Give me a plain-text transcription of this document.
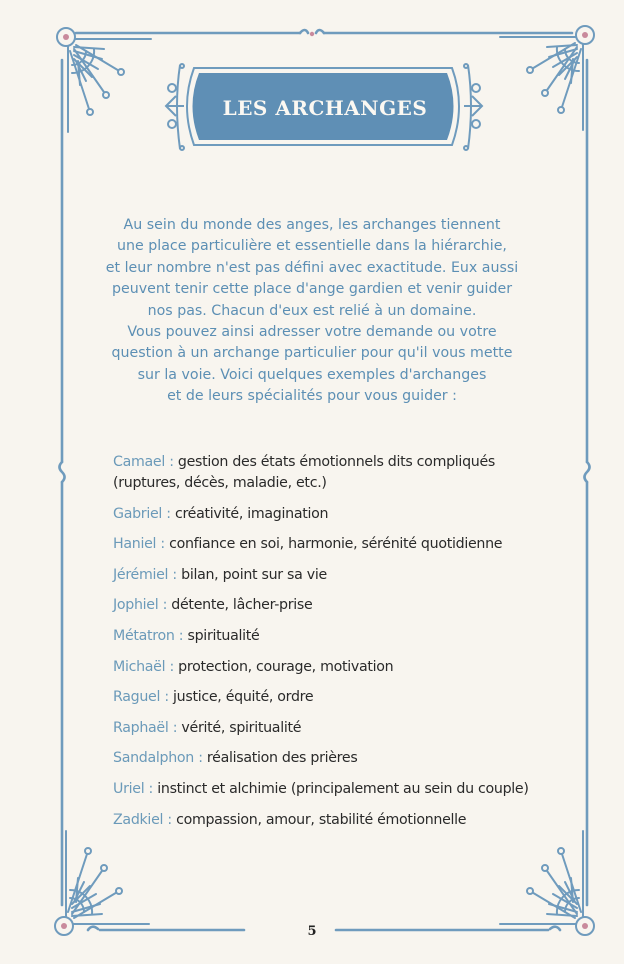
LES ARCHANGES

Au sein du monde des anges, les archanges tiennent

une place particulière et essentielle dans la hiérarchie,

et leur nombre n'est pas défini avec exactitude. Eux aussi

peuvent tenir cette place d'ange gardien et venir guider

nos pas. Chacun d'eux est relié à un domaine.

Vous pouvez ainsi adresser votre demande ou votre

question à un archange particulier pour qu'il vous mette

sur la voie. Voici quelques exemples d'archanges

et de leurs spécialités pour vous guider :

Camael : gestion des états émotionnels dits compliqués (ruptures, décès, maladie, etc.)
Gabriel : créativité, imagination
Haniel : confiance en soi, harmonie, sérénité quotidienne
Jérémiel : bilan, point sur sa vie
Jophiel : détente, lâcher-prise
Métatron : spiritualité
Michaël : protection, courage, motivation
Raguel : justice, équité, ordre
Raphaël : vérité, spiritualité
Sandalphon : réalisation des prières
Uriel : instinct et alchimie (principalement au sein du couple)
Zadkiel : compassion, amour, stabilité émotionnelle
5
